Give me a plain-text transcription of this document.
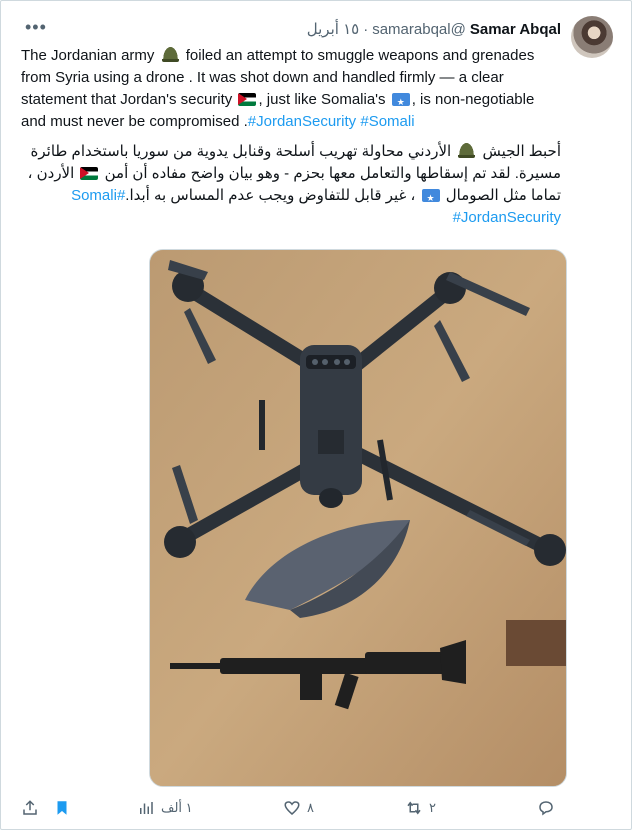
Samar Abqal
@samarabqal
·
١٥ أبريل
•••
The Jordanian army foiled an attempt to smuggle weapons and grenades from Syria using a drone . It was shot down and handled firmly — a clear statement that Jordan's security , just like Somalia's ★ , is non-negotiable and must never be compromised .#JordanSecurity #Somali
أحبط الجيش  الأردني محاولة تهريب أسلحة وقنابل يدوية من سوريا باستخدام طائرة مسيرة. لقد تم إسقاطها والتعامل معها بحزم - وهو بيان واضح مفاده أن أمن  الأردن ، تماما مثل الصومال ★ ، غير قابل للتفاوض ويجب عدم المساس به أبدا.#Somali #JordanSecurity
١ ألف	٨	٢
